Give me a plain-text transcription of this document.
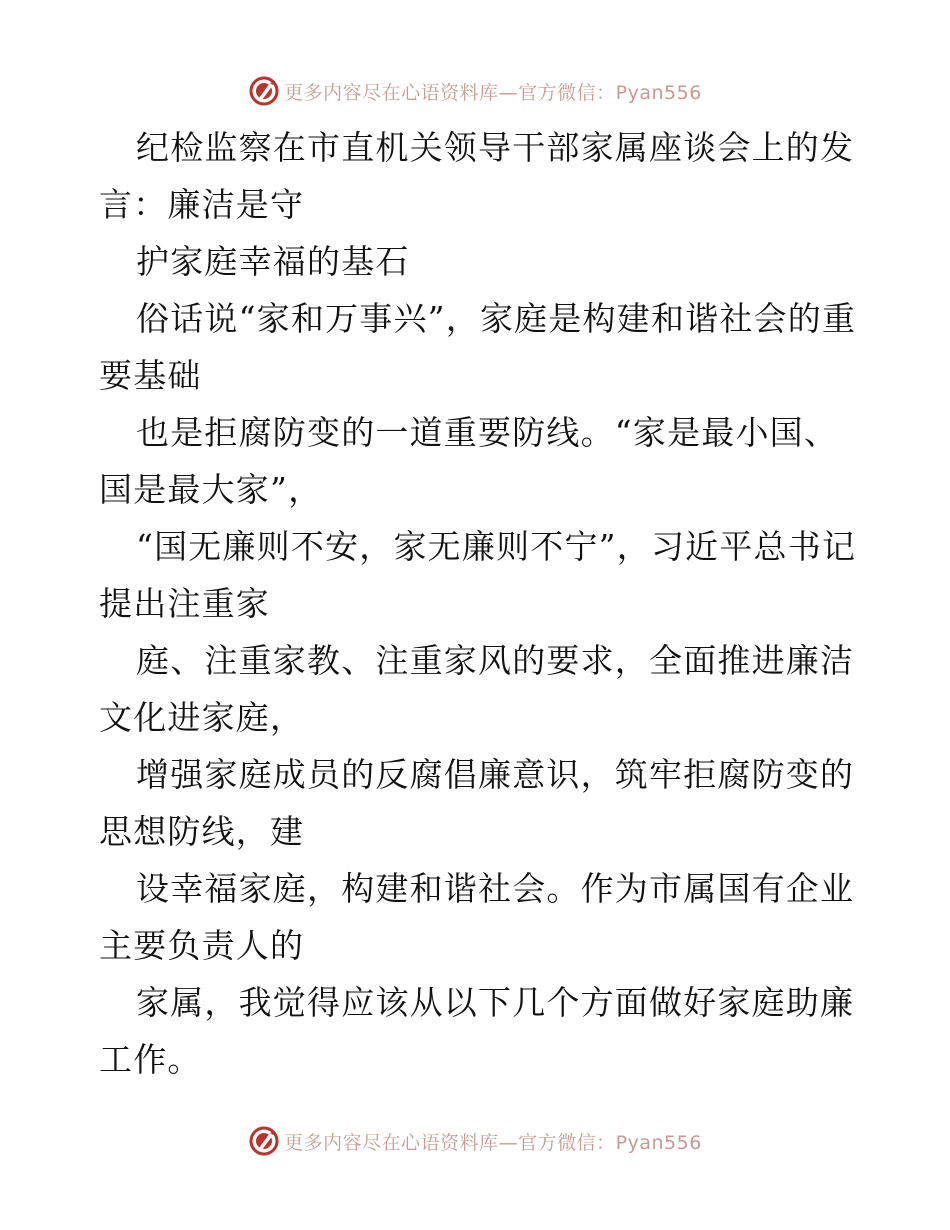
更多内容尽在心语资料库—官方微信：Pyan556

纪检监察在市直机关领导干部家属座谈会上的发言：廉洁是守

护家庭幸福的基石

俗话说“家和万事兴”，家庭是构建和谐社会的重要基础

也是拒腐防变的一道重要防线。“家是最小国、国是最大家”，

“国无廉则不安，家无廉则不宁”，习近平总书记提出注重家

庭、注重家教、注重家风的要求，全面推进廉洁文化进家庭，

增强家庭成员的反腐倡廉意识，筑牢拒腐防变的思想防线，建

设幸福家庭，构建和谐社会。作为市属国有企业主要负责人的

家属，我觉得应该从以下几个方面做好家庭助廉工作。

更多内容尽在心语资料库—官方微信：Pyan556
